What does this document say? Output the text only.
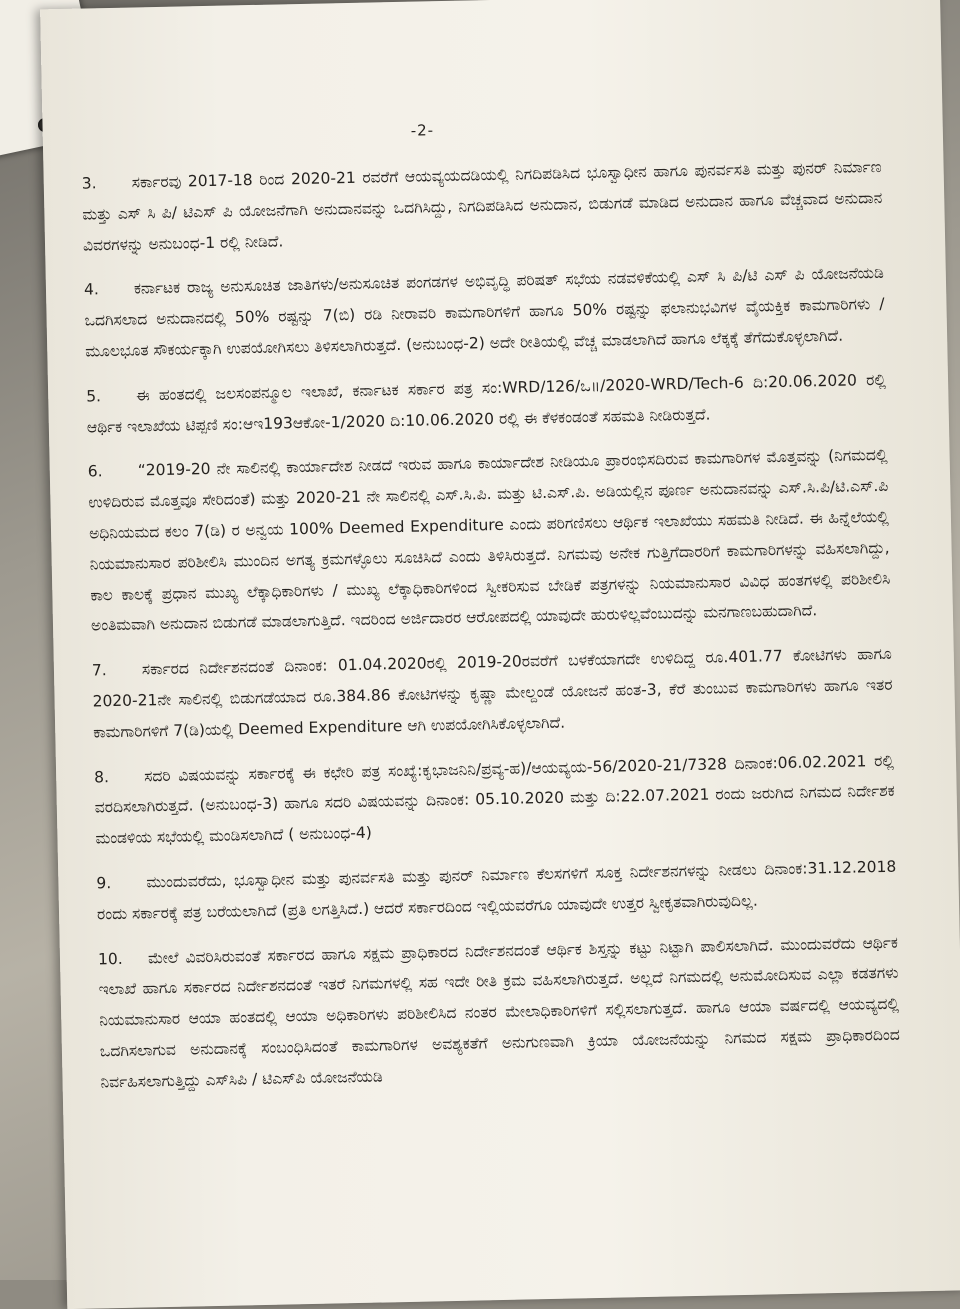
-2-

3.	ಸರ್ಕಾರವು 2017-18 ರಿಂದ 2020-21 ರವರೆಗೆ ಆಯವ್ಯಯದಡಿಯಲ್ಲಿ ನಿಗದಿಪಡಿಸಿದ ಭೂಸ್ವಾಧೀನ ಹಾಗೂ ಪುನರ್ವಸತಿ ಮತ್ತು ಪುನರ್ ನಿರ್ಮಾಣ ಮತ್ತು ಎಸ್ ಸಿ ಪಿ/ ಟಿಎಸ್ ಪಿ ಯೋಜನೆಗಾಗಿ ಅನುದಾನವನ್ನು ಒದಗಿಸಿದ್ದು, ನಿಗದಿಪಡಿಸಿದ ಅನುದಾನ, ಬಿಡುಗಡೆ ಮಾಡಿದ ಅನುದಾನ ಹಾಗೂ ವೆಚ್ಚವಾದ ಅನುದಾನ ವಿವರಗಳನ್ನು ಅನುಬಂಧ-1 ರಲ್ಲಿ ನೀಡಿದೆ.

4.	ಕರ್ನಾಟಕ ರಾಜ್ಯ ಅನುಸೂಚಿತ ಜಾತಿಗಳು/ಅನುಸೂಚಿತ ಪಂಗಡಗಳ ಅಭಿವೃದ್ಧಿ ಪರಿಷತ್ ಸಭೆಯ ನಡವಳಿಕೆಯಲ್ಲಿ ಎಸ್ ಸಿ ಪಿ/ಟಿ ಎಸ್ ಪಿ ಯೋಜನೆಯಡಿ ಒದಗಿಸಲಾದ ಅನುದಾನದಲ್ಲಿ 50% ರಷ್ಟನ್ನು 7(ಬಿ) ರಡಿ ನೀರಾವರಿ ಕಾಮಗಾರಿಗಳಿಗೆ ಹಾಗೂ 50% ರಷ್ಟನ್ನು ಫಲಾನುಭವಿಗಳ ವೈಯಕ್ತಿಕ ಕಾಮಗಾರಿಗಳು / ಮೂಲಭೂತ ಸೌಕರ್ಯಕ್ಕಾಗಿ ಉಪಯೋಗಿಸಲು ತಿಳಿಸಲಾಗಿರುತ್ತದೆ. (ಅನುಬಂಧ-2) ಅದೇ ರೀತಿಯಲ್ಲಿ ವೆಚ್ಚ ಮಾಡಲಾಗಿದೆ ಹಾಗೂ ಲೆಕ್ಕಕ್ಕೆ ತೆಗೆದುಕೊಳ್ಳಲಾಗಿದೆ.

5.	ಈ ಹಂತದಲ್ಲಿ ಜಲಸಂಪನ್ಮೂಲ ಇಲಾಖೆ, ಕರ್ನಾಟಕ ಸರ್ಕಾರ ಪತ್ರ ಸಂ:WRD/126/ಒ॥/2020-WRD/Tech-6 ದಿ:20.06.2020 ರಲ್ಲಿ ಆರ್ಥಿಕ ಇಲಾಖೆಯ ಟಿಪ್ಪಣಿ ಸಂ:ಆಇ193ಆಕೋ-1/2020 ದಿ:10.06.2020 ರಲ್ಲಿ ಈ ಕೆಳಕಂಡಂತೆ ಸಹಮತಿ ನೀಡಿರುತ್ತದೆ.

6.	“2019-20 ನೇ ಸಾಲಿನಲ್ಲಿ ಕಾರ್ಯಾದೇಶ ನೀಡದೆ ಇರುವ ಹಾಗೂ ಕಾರ್ಯಾದೇಶ ನೀಡಿಯೂ ಪ್ರಾರಂಭಿಸದಿರುವ ಕಾಮಗಾರಿಗಳ ಮೊತ್ತವನ್ನು (ನಿಗಮದಲ್ಲಿ ಉಳಿದಿರುವ ಮೊತ್ತವೂ ಸೇರಿದಂತೆ) ಮತ್ತು 2020-21 ನೇ ಸಾಲಿನಲ್ಲಿ ಎಸ್.ಸಿ.ಪಿ. ಮತ್ತು ಟಿ.ಎಸ್.ಪಿ. ಅಡಿಯಲ್ಲಿನ ಪೂರ್ಣ ಅನುದಾನವನ್ನು ಎಸ್.ಸಿ.ಪಿ/ಟಿ.ಎಸ್.ಪಿ ಅಧಿನಿಯಮದ ಕಲಂ 7(ಡಿ) ರ ಅನ್ವಯ 100% Deemed Expenditure ಎಂದು ಪರಿಗಣಿಸಲು ಆರ್ಥಿಕ ಇಲಾಖೆಯು ಸಹಮತಿ ನೀಡಿದೆ. ಈ ಹಿನ್ನೆಲೆಯಲ್ಲಿ ನಿಯಮಾನುಸಾರ ಪರಿಶೀಲಿಸಿ ಮುಂದಿನ ಅಗತ್ಯ ಕ್ರಮಗಳ್ಳೊಲು ಸೂಚಿಸಿದೆ ಎಂದು ತಿಳಿಸಿರುತ್ತದೆ. ನಿಗಮವು ಅನೇಕ ಗುತ್ತಿಗೆದಾರರಿಗೆ ಕಾಮಗಾರಿಗಳನ್ನು ವಹಿಸಲಾಗಿದ್ದು, ಕಾಲ ಕಾಲಕ್ಕೆ ಪ್ರಧಾನ ಮುಖ್ಯ ಲೆಕ್ಕಾಧಿಕಾರಿಗಳು / ಮುಖ್ಯ ಲೆಕ್ಕಾಧಿಕಾರಿಗಳಿಂದ ಸ್ವೀಕರಿಸುವ ಬೇಡಿಕೆ ಪತ್ರಗಳನ್ನು ನಿಯಮಾನುಸಾರ ವಿವಿಧ ಹಂತಗಳಲ್ಲಿ ಪರಿಶೀಲಿಸಿ ಅಂತಿಮವಾಗಿ ಅನುದಾನ ಬಿಡುಗಡೆ ಮಾಡಲಾಗುತ್ತಿದೆ. ಇದರಿಂದ ಅರ್ಜಿದಾರರ ಆರೋಪದಲ್ಲಿ ಯಾವುದೇ ಹುರುಳಿಲ್ಲವೆಂಬುದನ್ನು ಮನಗಾಣಬಹುದಾಗಿದೆ.

7.	ಸರ್ಕಾರದ ನಿರ್ದೇಶನದಂತೆ ದಿನಾಂಕ: 01.04.2020ರಲ್ಲಿ 2019-20ರವರೆಗೆ ಬಳಕೆಯಾಗದೇ ಉಳಿದಿದ್ದ ರೂ.401.77 ಕೋಟಿಗಳು ಹಾಗೂ 2020-21ನೇ ಸಾಲಿನಲ್ಲಿ ಬಿಡುಗಡೆಯಾದ ರೂ.384.86 ಕೋಟಿಗಳನ್ನು ಕೃಷ್ಣಾ ಮೇಲ್ದಂಡೆ ಯೋಜನೆ ಹಂತ-3, ಕೆರೆ ತುಂಬುವ ಕಾಮಗಾರಿಗಳು ಹಾಗೂ ಇತರ ಕಾಮಗಾರಿಗಳಿಗೆ 7(ಡಿ)ಯಲ್ಲಿ Deemed Expenditure ಆಗಿ ಉಪಯೋಗಿಸಿಕೊಳ್ಳಲಾಗಿದೆ.

8.	ಸದರಿ ವಿಷಯವನ್ನು ಸರ್ಕಾರಕ್ಕೆ ಈ ಕಛೇರಿ ಪತ್ರ ಸಂಖ್ಯೆ:ಕೃಭಾಜನಿನಿ/ಪ್ರವ್ಯ-ಹ)/ಆಯವ್ಯಯ-56/2020-21/7328 ದಿನಾಂಕ:06.02.2021 ರಲ್ಲಿ ವರದಿಸಲಾಗಿರುತ್ತದೆ. (ಅನುಬಂಧ-3) ಹಾಗೂ ಸದರಿ ವಿಷಯವನ್ನು ದಿನಾಂಕ: 05.10.2020 ಮತ್ತು ದಿ:22.07.2021 ರಂದು ಜರುಗಿದ ನಿಗಮದ ನಿರ್ದೇಶಕ ಮಂಡಳಿಯ ಸಭೆಯಲ್ಲಿ ಮಂಡಿಸಲಾಗಿದೆ ( ಅನುಬಂಧ-4)

9.	ಮುಂದುವರೆದು, ಭೂಸ್ವಾಧೀನ ಮತ್ತು ಪುನರ್ವಸತಿ ಮತ್ತು ಪುನರ್ ನಿರ್ಮಾಣ ಕೆಲಸಗಳಿಗೆ ಸೂಕ್ತ ನಿರ್ದೇಶನಗಳನ್ನು ನೀಡಲು ದಿನಾಂಕ:31.12.2018 ರಂದು ಸರ್ಕಾರಕ್ಕೆ ಪತ್ರ ಬರೆಯಲಾಗಿದೆ (ಪ್ರತಿ ಲಗತ್ತಿಸಿದೆ.) ಆದರೆ ಸರ್ಕಾರದಿಂದ ಇಲ್ಲಿಯವರೆಗೂ ಯಾವುದೇ ಉತ್ತರ ಸ್ವೀಕೃತವಾಗಿರುವುದಿಲ್ಲ.

10.	ಮೇಲೆ ವಿವರಿಸಿರುವಂತೆ ಸರ್ಕಾರದ ಹಾಗೂ ಸಕ್ಷಮ ಪ್ರಾಧಿಕಾರದ ನಿರ್ದೇಶನದಂತೆ ಆರ್ಥಿಕ ಶಿಸ್ತನ್ನು ಕಟ್ಟು ನಿಟ್ಟಾಗಿ ಪಾಲಿಸಲಾಗಿದೆ. ಮುಂದುವರೆದು ಆರ್ಥಿಕ ಇಲಾಖೆ ಹಾಗೂ ಸರ್ಕಾರದ ನಿರ್ದೇಶನದಂತೆ ಇತರೆ ನಿಗಮಗಳಲ್ಲಿ ಸಹ ಇದೇ ರೀತಿ ಕ್ರಮ ವಹಿಸಲಾಗಿರುತ್ತದೆ. ಅಲ್ಲದೆ ನಿಗಮದಲ್ಲಿ ಅನುಮೋದಿಸುವ ಎಲ್ಲಾ ಕಡತಗಳು ನಿಯಮಾನುಸಾರ ಆಯಾ ಹಂತದಲ್ಲಿ ಆಯಾ ಅಧಿಕಾರಿಗಳು ಪರಿಶೀಲಿಸಿದ ನಂತರ ಮೇಲಾಧಿಕಾರಿಗಳಿಗೆ ಸಲ್ಲಿಸಲಾಗುತ್ತದೆ. ಹಾಗೂ ಆಯಾ ವರ್ಷದಲ್ಲಿ ಆಯವ್ಯದಲ್ಲಿ ಒದಗಿಸಲಾಗುವ ಅನುದಾನಕ್ಕೆ ಸಂಬಂಧಿಸಿದಂತೆ ಕಾಮಗಾರಿಗಳ ಅವಶ್ಯಕತೆಗೆ ಅನುಗುಣವಾಗಿ ಕ್ರಿಯಾ ಯೋಜನೆಯನ್ನು ನಿಗಮದ ಸಕ್ಷಮ ಪ್ರಾಧಿಕಾರದಿಂದ ನಿರ್ವಹಿಸಲಾಗುತ್ತಿದ್ದು ಎಸ್‌ಸಿಪಿ / ಟಿಎಸ್‌ಪಿ ಯೋಜನೆಯಡಿ
